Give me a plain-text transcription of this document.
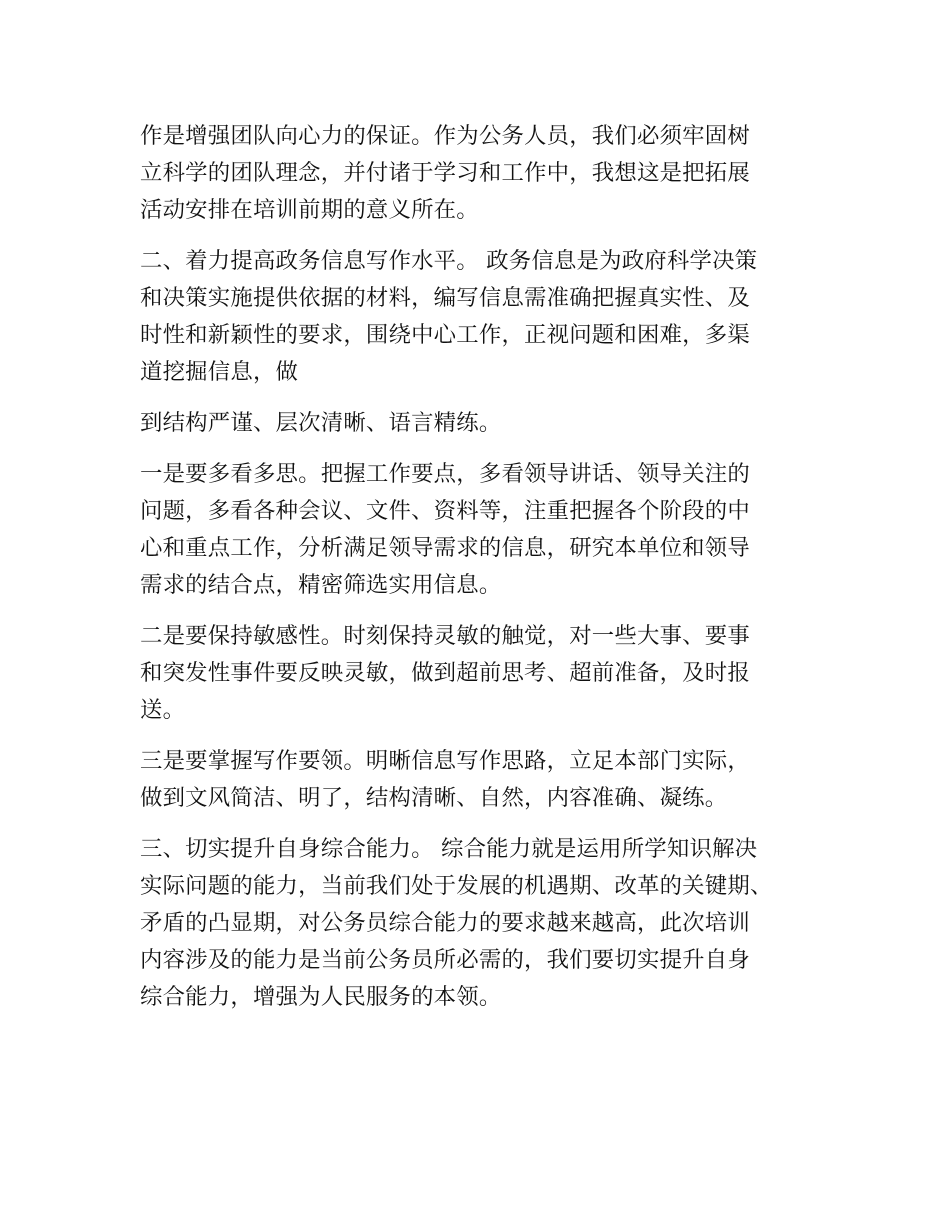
作是增强团队向心力的保证。作为公务人员，我们必须牢固树
立科学的团队理念，并付诸于学习和工作中，我想这是把拓展
活动安排在培训前期的意义所在。

二、着力提高政务信息写作水平。 政务信息是为政府科学决策
和决策实施提供依据的材料，编写信息需准确把握真实性、及
时性和新颖性的要求，围绕中心工作，正视问题和困难，多渠
道挖掘信息，做

到结构严谨、层次清晰、语言精练。

一是要多看多思。把握工作要点，多看领导讲话、领导关注的
问题，多看各种会议、文件、资料等，注重把握各个阶段的中
心和重点工作，分析满足领导需求的信息，研究本单位和领导
需求的结合点，精密筛选实用信息。

二是要保持敏感性。时刻保持灵敏的触觉，对一些大事、要事
和突发性事件要反映灵敏，做到超前思考、超前准备，及时报
送。

三是要掌握写作要领。明晰信息写作思路，立足本部门实际，
做到文风简洁、明了，结构清晰、自然，内容准确、凝练。

三、切实提升自身综合能力。 综合能力就是运用所学知识解决
实际问题的能力，当前我们处于发展的机遇期、改革的关键期、
矛盾的凸显期，对公务员综合能力的要求越来越高，此次培训
内容涉及的能力是当前公务员所必需的，我们要切实提升自身
综合能力，增强为人民服务的本领。
